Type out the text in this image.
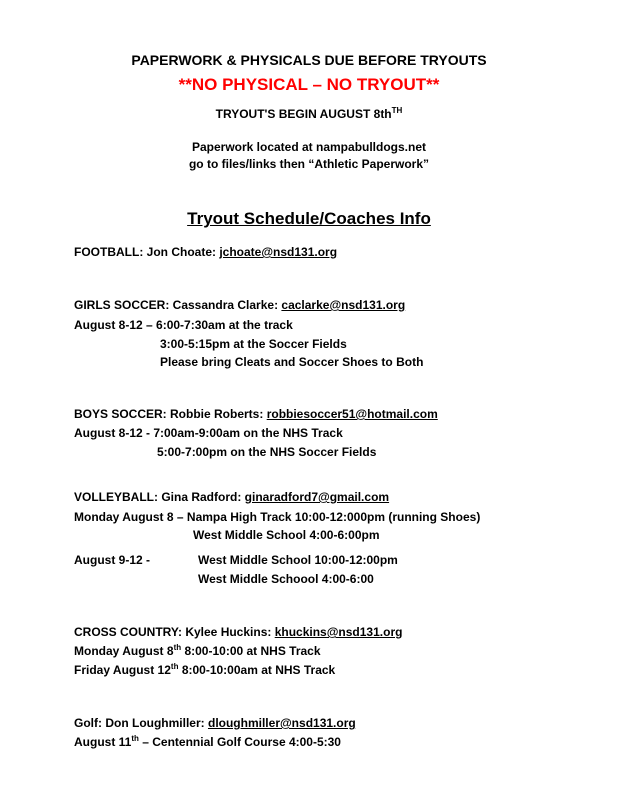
PAPERWORK & PHYSICALS DUE BEFORE TRYOUTS
**NO PHYSICAL – NO TRYOUT**
TRYOUT'S BEGIN AUGUST $8th^{TH}$
Paperwork located at nampabulldogs.net
go to files/links then “Athletic Paperwork”
Tryout Schedule/Coaches Info
FOOTBALL: Jon Choate: jchoate@nsd131.org
GIRLS SOCCER: Cassandra Clarke: caclarke@nsd131.org
August 8-12 – 6:00-7:30am at the track
3:00-5:15pm at the Soccer Fields
Please bring Cleats and Soccer Shoes to Both
BOYS SOCCER: Robbie Roberts: robbiesoccer51@hotmail.com
August 8-12 - 7:00am-9:00am on the NHS Track
5:00-7:00pm on the NHS Soccer Fields
VOLLEYBALL: Gina Radford: ginaradford7@gmail.com
Monday August 8 – Nampa High Track 10:00-12:000pm (running Shoes)
West Middle School 4:00-6:00pm
August 9-12 -	West Middle School 10:00-12:00pm
West Middle Schoool 4:00-6:00
CROSS COUNTRY: Kylee Huckins: khuckins@nsd131.org
Monday August 8th 8:00-10:00 at NHS Track
Friday August 12th 8:00-10:00am at NHS Track
Golf: Don Loughmiller: dloughmiller@nsd131.org
August 11th – Centennial Golf Course 4:00-5:30
